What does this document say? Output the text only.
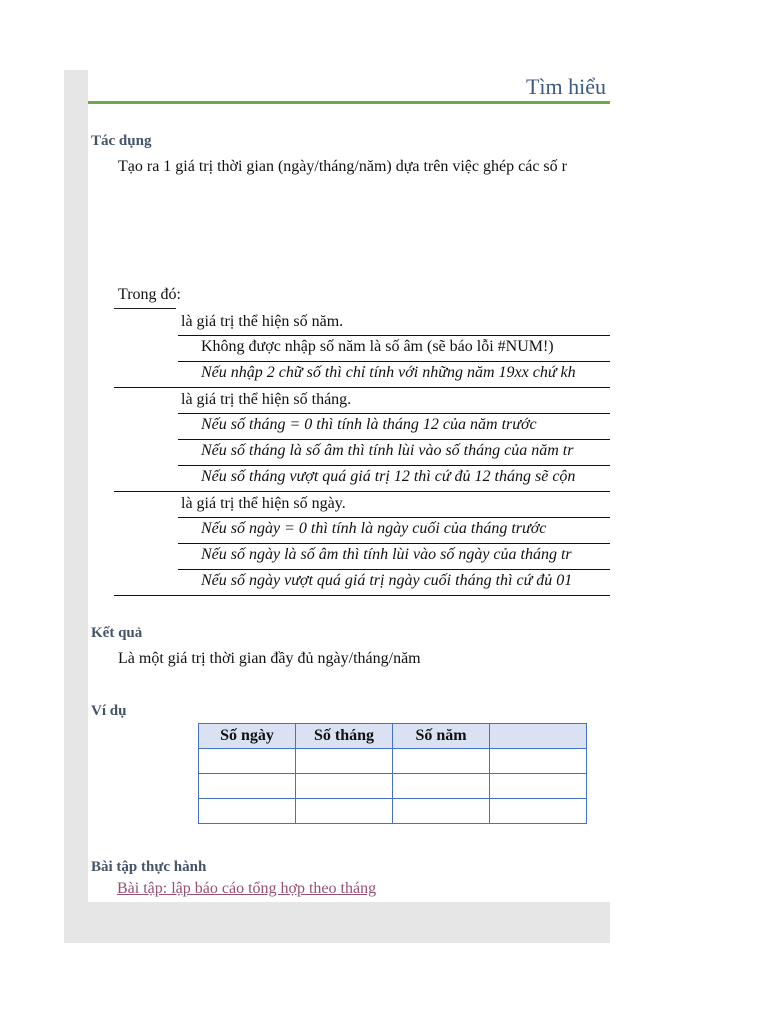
Tìm hiểu
Tác dụng
Tạo ra 1 giá trị thời gian (ngày/tháng/năm) dựa trên việc ghép các số r
Trong đó:
là giá trị thể hiện số năm.
Không được nhập số năm là số âm (sẽ báo lỗi #NUM!)
Nếu nhập 2 chữ số thì chỉ tính với những năm 19xx chứ kh
là giá trị thể hiện số tháng.
Nếu số tháng = 0 thì tính là tháng 12 của năm trước
Nếu số tháng là số âm thì tính lùi vào số tháng của năm tr
Nếu số tháng vượt quá giá trị 12 thì cứ đủ 12 tháng sẽ cộn
là giá trị thể hiện số ngày.
Nếu số ngày = 0 thì tính là ngày cuối của tháng trước
Nếu số ngày là số âm thì tính lùi vào số ngày của tháng tr
Nếu số ngày vượt quá giá trị ngày cuối tháng thì cứ đủ 01
Kết quả
Là một giá trị thời gian đầy đủ ngày/tháng/năm
Ví dụ
Số ngày	Số tháng	Số năm	

Bài tập thực hành
Bài tập: lập báo cáo tổng hợp theo tháng
